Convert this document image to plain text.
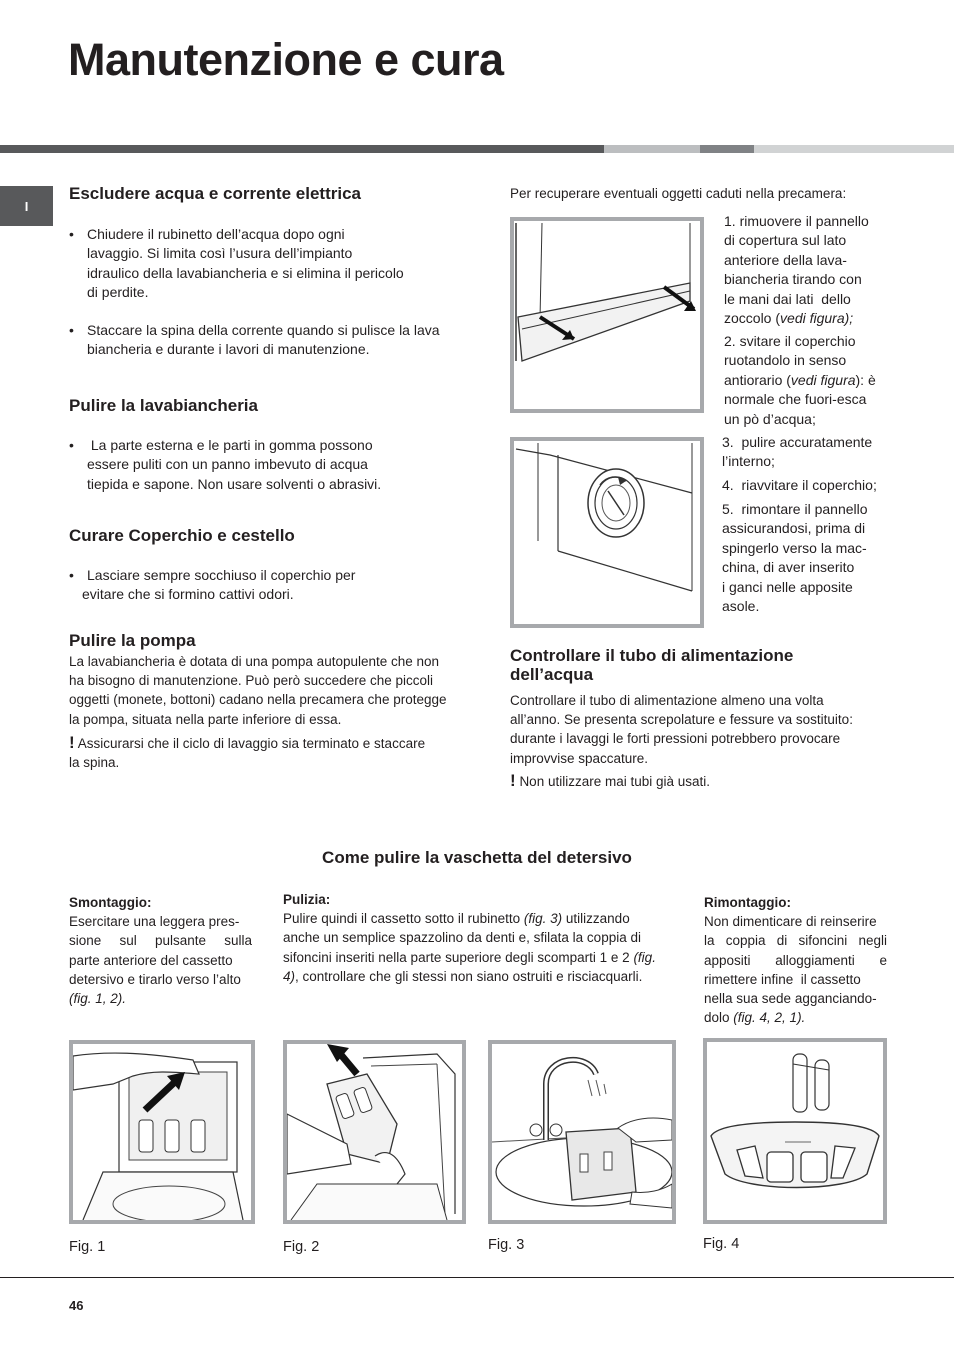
Manutenzione e cura
I
Escludere acqua e corrente elettrica
• Chiudere il rubinetto dell’acqua dopo ogni
lavaggio. Si limita così l’usura dell’impianto
idraulico della lavabiancheria e si elimina il pericolo
di perdite.
• Staccare la spina della corrente quando si pulisce la lava
biancheria e durante i lavori di manutenzione.
Pulire la lavabiancheria
• La parte esterna e le parti in gomma possono
essere puliti con un panno imbevuto di acqua
tiepida e sapone. Non usare solventi o abrasivi.
Curare Coperchio e cestello
• Lasciare sempre socchiuso il coperchio per
evitare che si formino cattivi odori.
Pulire la pompa
La lavabiancheria è dotata di una pompa autopulente che non
ha bisogno di manutenzione. Può però succedere che piccoli
oggetti (monete, bottoni) cadano nella precamera che protegge
la pompa, situata nella parte inferiore di essa.
! Assicurarsi che il ciclo di lavaggio sia terminato e staccare
la spina.
Per recuperare eventuali oggetti caduti nella precamera:
1. rimuovere il pannello
di copertura sul lato
anteriore della lava-
biancheria tirando con
le mani dai lati  dello
zoccolo (vedi figura);
2. svitare il coperchio
ruotandolo in senso
antiorario (vedi figura): è
normale che fuori-esca
un pò d’acqua;
3.  pulire accuratamente
l’interno;
4.  riavvitare il coperchio;
5.  rimontare il pannello
assicurandosi, prima di
spingerlo verso la mac-
china, di aver inserito
i ganci nelle apposite
asole.
Controllare il tubo di alimentazione
dell’acqua
Controllare il tubo di alimentazione almeno una volta
all’anno. Se presenta screpolature e fessure va sostituito:
durante i lavaggi le forti pressioni potrebbero provocare
improvvise spaccature.
! Non utilizzare mai tubi già usati.
Come pulire la vaschetta del detersivo
Smontaggio:
Esercitare una leggera pres-
sione sul pulsante sulla
parte anteriore del cassetto
detersivo e tirarlo verso l’alto
(fig. 1, 2).
Pulizia:
Pulire quindi il cassetto sotto il rubinetto (fig. 3) utilizzando
anche un semplice spazzolino da denti e, sfilata la coppia di
sifoncini inseriti nella parte superiore degli scomparti 1 e 2 (fig.
4), controllare che gli stessi non siano ostruiti e risciacquarli.
Rimontaggio:
Non dimenticare di reinserire
la coppia di sifoncini negli
appositi alloggiamenti e
rimettere infine  il cassetto
nella sua sede agganciando-
dolo (fig. 4, 2, 1).
Fig. 1	Fig. 2	Fig. 3	Fig. 4
46
